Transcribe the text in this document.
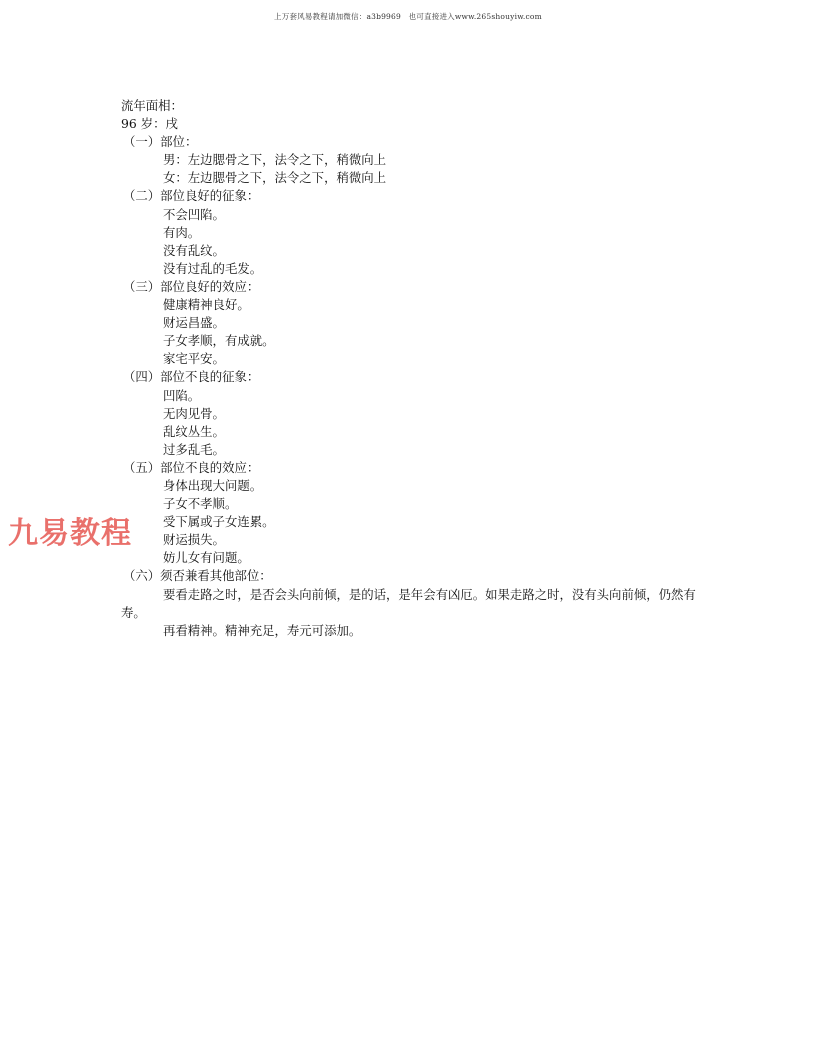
上万套风易教程请加微信：a3b9969　也可直接进入www.265shouyiw.com
九易教程
流年面相：
96 岁：戌
（一）部位：
男：左边腮骨之下，法令之下，稍微向上
女：左边腮骨之下，法令之下，稍微向上
（二）部位良好的征象：
不会凹陷。
有肉。
没有乱纹。
没有过乱的毛发。
（三）部位良好的效应：
健康精神良好。
财运昌盛。
子女孝顺，有成就。
家宅平安。
（四）部位不良的征象：
凹陷。
无肉见骨。
乱纹丛生。
过多乱毛。
（五）部位不良的效应：
身体出现大问题。
子女不孝顺。
受下属或子女连累。
财运损失。
妨儿女有问题。
（六）须否兼看其他部位：
要看走路之时，是否会头向前倾，是的话，是年会有凶厄。如果走路之时，没有头向前倾，仍然有寿。
再看精神。精神充足，寿元可添加。
